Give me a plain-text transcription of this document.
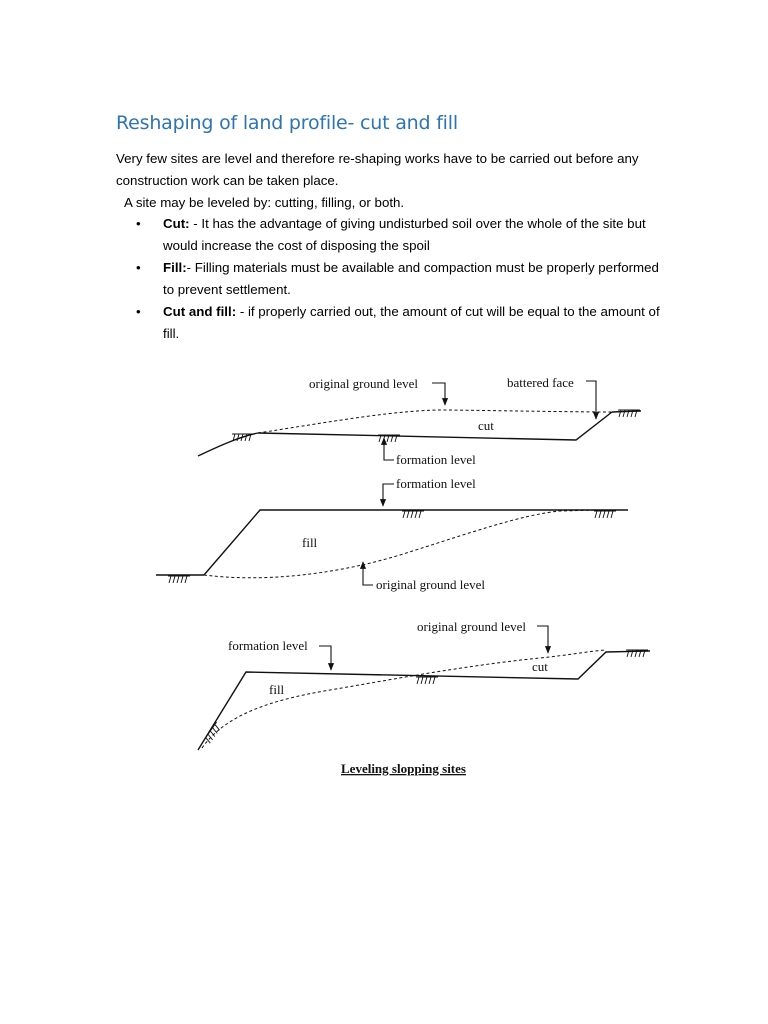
Reshaping of land profile- cut and fill

Very few sites are level and therefore re-shaping works have to be carried out before any construction work can be taken place.

A site may be leveled by: cutting, filling, or both.

• Cut: - It has the advantage of giving undisturbed soil over the whole of the site but would increase the cost of disposing the spoil
• Fill:- Filling materials must be available and compaction must be properly performed to prevent settlement.
• Cut and fill: - if properly carried out, the amount of cut will be equal to the amount of fill.
original ground level	battered face
cut
formation level
formation level
fill
original ground level
original ground level
formation level
cut
fill
Leveling slopping sites
